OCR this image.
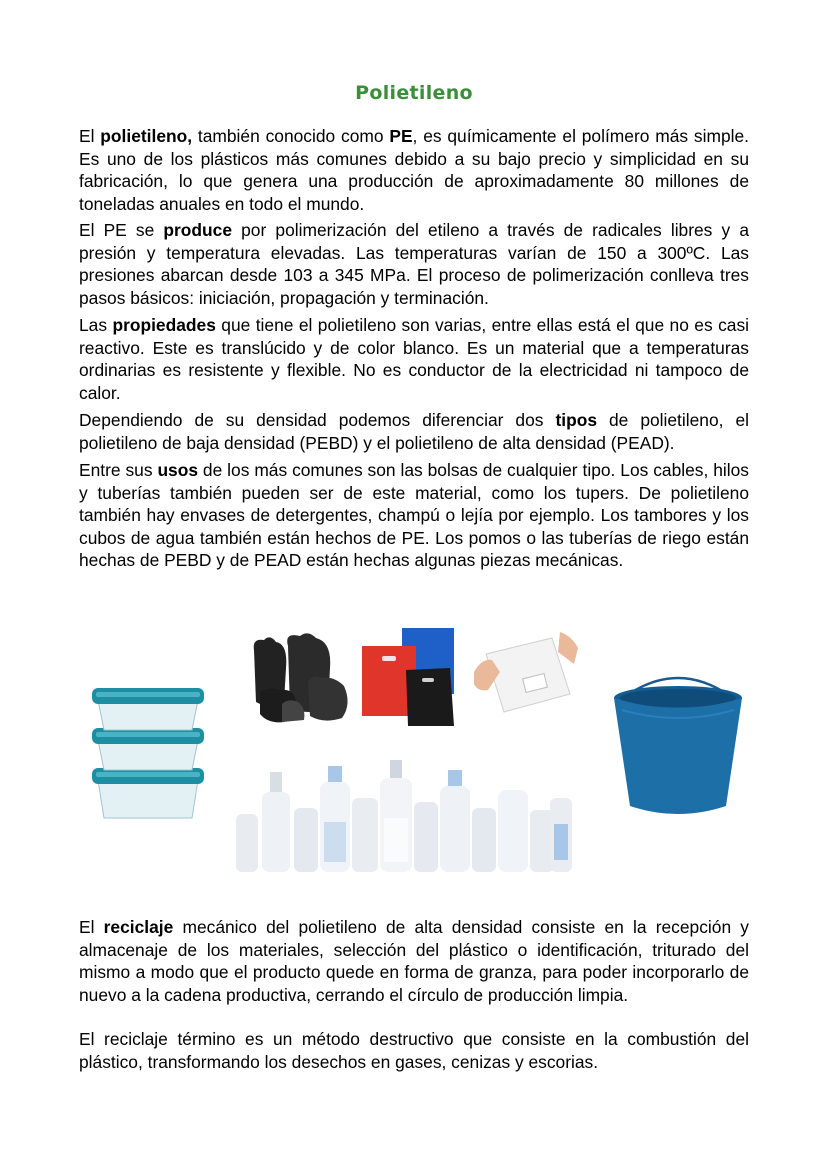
Polietileno

El polietileno, también conocido como PE, es químicamente el polímero más simple. Es uno de los plásticos más comunes debido a su bajo precio y simplicidad en su fabricación, lo que genera una producción de aproximadamente 80 millones de toneladas anuales en todo el mundo.

El PE se produce por polimerización del etileno a través de radicales libres y a presión y temperatura elevadas. Las temperaturas varían de 150 a 300ºC. Las presiones abarcan desde 103 a 345 MPa. El proceso de polimerización conlleva tres pasos básicos: iniciación, propagación y terminación.

Las propiedades que tiene el polietileno son varias, entre ellas está el que no es casi reactivo. Este es translúcido y de color blanco. Es un material que a temperaturas ordinarias es resistente y flexible. No es conductor de la electricidad ni tampoco de calor.

Dependiendo de su densidad podemos diferenciar dos tipos de polietileno, el polietileno de baja densidad (PEBD) y el polietileno de alta densidad (PEAD).

Entre sus usos de los más comunes son las bolsas de cualquier tipo. Los cables, hilos y tuberías también pueden ser de este material, como los tupers. De polietileno también hay envases de detergentes, champú o lejía por ejemplo. Los tambores y los cubos de agua también están hechos de PE. Los pomos o las tuberías de riego están hechas de PEBD y de PEAD están hechas algunas piezas mecánicas.

El reciclaje mecánico del polietileno de alta densidad consiste en la recepción y almacenaje de los materiales, selección del plástico o identificación, triturado del mismo a modo que el producto quede en forma de granza, para poder incorporarlo de nuevo a la cadena productiva, cerrando el círculo de producción limpia.

El reciclaje término es un método destructivo que consiste en la combustión del plástico, transformando los desechos en gases, cenizas y escorias.
